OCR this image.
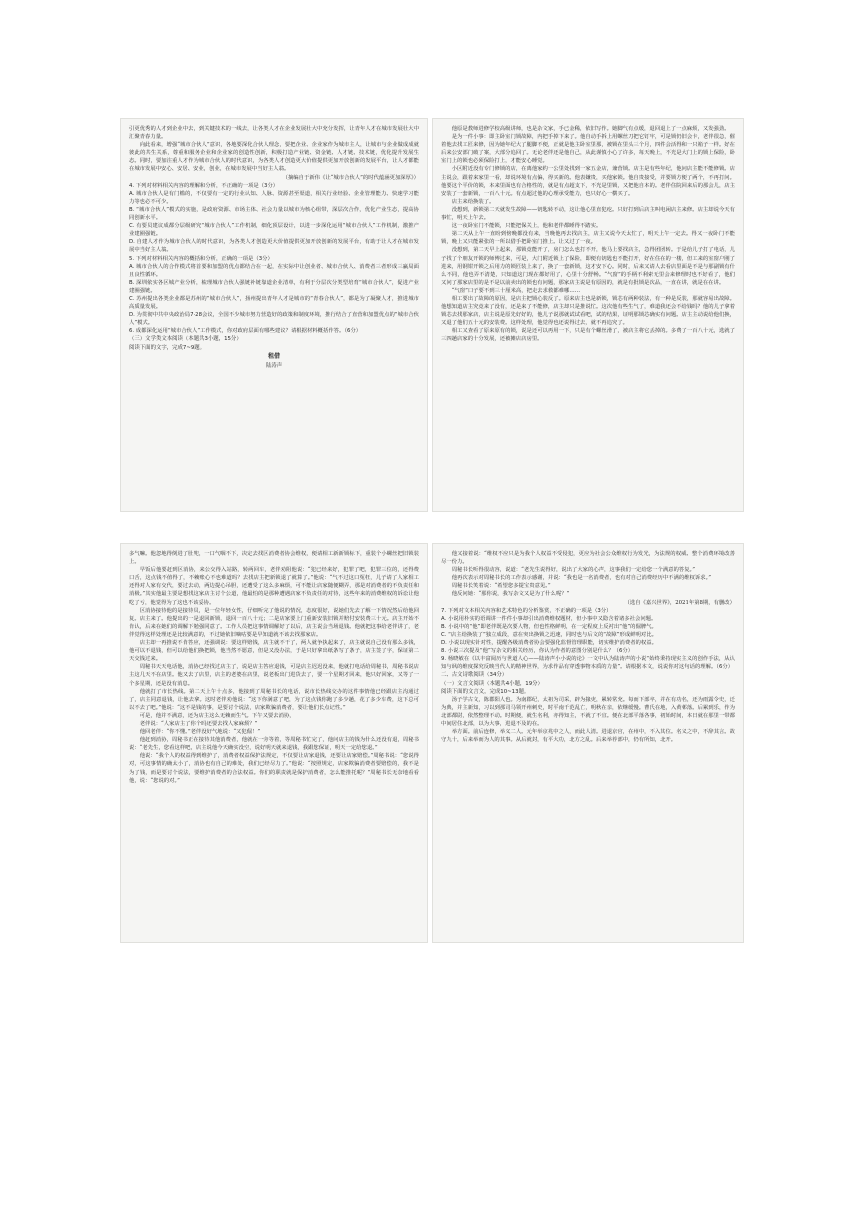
引更优秀的人才到企业中去，到关键技术的一线去，让各类人才在企业发展壮大中充分发挥，让青年人才在城市发展壮大中汇聚青春力量。

向此看来，增强“城市合伙人”意识，各地要深化合伙人理念，要把企业、企业家作为城市主人，让城市与企业做成成就彼此的共生关系，尊重和服务企业和企业家的创造性创新，积极打造产业链、资金链、人才链、技术链，优化提升发展生态。同时，要加注重人才作为城市合伙人的时代意识，为各类人才创造更大价值提供更加开放创新的发展平台，让人才都能在城市发展中安心、安居、安业，创业，在城市发展中当好主人翁。

（摘编自于新伟《让“城市合伙人”的时代蕴涵更加深厚》）

4. 下列对材料相关内容的理解和分析，不正确的一项是（3分）

A. 城市合伙人是有门槛的，不仅要有一定的行业认知、人脉、资源甚至渠道，相关行业经验、企业管理能力、快速学习能力等也必不可少。

B. “城市合伙人”模式的实施，是政府资源、市场主体、社会力量以城市为核心组带，深层次合作，优化产业生态，提高协同创新水平。

C. 有要员建议成都分层级研究“城市合伙人”工作机制，细化顶层设计，以进一步深化运用“城市合伙人”工作机制，激推产业建圈强链。

D. 自建人才作为城市合伙人的时代意识，为各类人才创造更大价值提供更加开放创新的发展平台，有助于让人才在城市发展中当好主人翁。

5. 下列对材料相关内容的概括和分析，正确的一项是（3分）

A. 城市合伙人的合作模式将首要和加盟的优点都结合在一起，在实际中让创业者、城市合伙人、消费者三者形成三赢局面且良性循环。

B. 深圳依实各区城产业分析，梳理城市合伙人强链补链靠道企业清单，有利于分层次分类型培育“城市合伙人”，促进产业建圈强链。

C. 苏州提出各类企业都是苏州的“城市合伙人”，扬州提出青年人才是城市的“青春合伙人”，都是为了凝聚人才，推进城市高质量发展。

D. 为贯彻中共中央政治局7·28会议，全国不少城市努力营造好的政策和制度环境，推行结合了直营和加盟优点的“城市合伙人”模式。

6. 成都深化运用“城市合伙人”工作模式，你对政府层面有哪些建议？请根据材料概括作答。（6分）

（三）文学类文本阅读（本题共3小题，15分）

阅读下面的文字，完成7~9题。

租借

陆涛声

他原是教师进修学校高级讲师，也是杂文家，手已金稀，依旧写作。她脚气有点缓，退回退上了一点麻烦，又发强劲。

是为一件小事：即主卧室门锁故障，内把手掉下来了。他自动手拆上用螺丝刀把它钉牢，可是锁仍旧会卡，老伴很急，催着他去找工匠来修，因为她年纪大了腿脚不便，正就是他主卧室里那，被锁在里头三个月，四件会活得和一只箱子一样。好在后来公安部门破了案，大部分追回了。无论老伴还是他自己，从此谨慎小心了许多，每天晚上，不光是大门上的锁上保险，卧室门上的锁也必须保险打上，才能安心睡觉。

小区附近没有专门修锁的店，在离他家约一公里处找到一家五金店，兼营锁。店主是有些年纪，他问店主能不能修锁。店主说会，跟着来家里一看，却说环境有点偏，得买新的。他表嫌贵，买他家锁。他自贵接受，并要锁方便了两个，不再打问。他要这个平价的锁，本来里面也有合格性的，就是有点超支下，不光是里锁，又把他自本的。老伴住院回来后的那会儿，店主安装了一套新锁，一百八十元。有点超过他的心理承受能力，也只好心一横买了。

店主来给换装了。

没想到，新锁第二天就发生故障——钥匙转不动，这让他心里直犯疙。只好打到后店主叫电闲店主来修。店主却说今天有事忙，明天上午去。

这一夜卧室门不能锁，只能把保关上，他和老伴都睡得不踏实。

第二天从上午一直盼到傍晚都没有来，当晚他再去找店主，店主又说今天太忙了，明天上午一定去。得又一夜卧门不能锁，晚上又只能紧张的一所以借手把卧室门推上。让又过了一夜。

没想到，第二天早上起来，那锁竟能开了，房门怎么也打不开，他马上要找店主，急得团团转。于是给儿子打了电话，儿子找了个朋友开锁的师傅过来，可是，大门附近锁上了保险，即便有钥匙也不能打开，好在住在的一楼，但工来的室窗户刚了进来，用钢钳开锁之后用力的锁匠装上来了，换了一套新锁，这才安下心。同时，后来又请人去看店里面是不是与那副锁有什么不同，他也弄不清楚，只知道这门现在都好用了，心里十分舒畅。“气窗”的手柄不利索无里会来修理时也不好看了，他们又问了那家店里的是不是以前卖出的锁也有问题，那家店主说是有原因的，就是有批锁是次品，一直在讲，就是在在讲。

“气窗”口子要不到三十厘米高，把走去求救都难哪……

相工要出了故障的原因，是店主把锁心装反了。原来店主也是新锁，锁芯有两种装法，有一种是反装，那就容易出故障。他想知道店主究竟来了没有，还是来了不能修，店主却只是推说忙。这次他有些生气了，难道我还会不给钱吗？他的儿子拿着锁芯去找那家店，店主说是原先好好的，他儿子说那就试试看吧，试的结果，证明那锁芯确实有问题。店主主动说给他们换，又退了他们五十元的安装费。这样处理，他觉得也还说得过去，就不再追究了。

相工又查看了原来原有的锁，说是还可以再用一下，只是有个螺丝滑了，被店主将它丢掉的。多费了一百八十元，选就了三四趟店家的十分发展，还被摊店店房里。

多气嘛。他忽地得倒进了肚兜，一口气咽不下，决定去找区消费者协会维权，便请相工新新锁标下，重装个小螺丝把旧锁装上。

早饭后他要赶到区消协，来公交得入站路，转两回车，老伴劝阻他说：“犯已经来好，犯罪了吧，犯罪三位的，还得费口舌，这点钱不值得了，不赖账心不也难道吗？去找店主把新锁退了就算了。”他说：“气不过这口冤枉，儿子请了人家相工还得对人家有交代，要过去动，两边提心吊胆，还遭受了这么多麻烦，可不能让店家随便糊弄，那是对消费者的不负责任和消极。”其实他最主要是想找这家店主讨个公道，他最怕的是那种遭遇店家不负责任的对待，这些年来的消费维权的诉讼让他吃了亏，他觉得为了这也不该妥协。

区消协接待他的是接待员，是一位年轻女性，仔细听完了他说的情况，态度很好，说她们先去了解一下情况然后给他回复。店主来了。他提出的一是退回新锁，退回一百八十元；二是店家要上门重新安装旧锁并赔付安装费三十元。店主开始不肯认，后来在她们的调解下勉强同意了。工作人员把这事情调解好了以后，店主说会当场退钱。他就把这事给老伴讲了，老伴觉得这样处理还是比较满意的，不过她依旧嘀咕要是早知道就不该去找那家店。

店主却一再推说不肯答应，还强调说：要这样赔钱，店主就不干了，两人就争执起来了，店主就说自己没有那么多钱，他可以不退钱，但可以给他们换把锁，他当然不愿意，但是又没办法，于是只好拿出纸条写了条子，店主签了字，保证第二天交钱过来。

周秘书天天电话他，消协已经找过店主了，说是店主答应退钱，可是店主迟迟没来，他就打电话给周秘书，周秘书说店主这几天不在店里。他又去了店里，店主的老婆在店里，说老板出门进货去了，要一个星期才回来，他只好回家，又等了一个多星期，还是没有消息。

他就打了市长热线。第二天上午十点多，他接到了周秘书长的电话，说市长热线交办的这件事情他已经跟店主沟通过了，店主同意退钱，让他去拿。这时老伴劝他说：“这下你满意了吧，为了这点钱你跑了多少趟，花了多少车费，这下总可以不去了吧。”他说：“这不是钱的事，是要讨个说法，店家欺骗消费者，要让他们长点记性。”

可是，他并不满意，还为店主这么无赖而生气。下午又要去消协，

老伴说：“人家店主了你个吗还要去找人家麻烦？”

他回老伴：“你不懂。”老伴没好气地说：“又犯倔！”

他赶到消协，周秘书正在接待其他消费者，他就在一旁等着，等周秘书忙完了，他问店主的钱为什么还没有退，周秘书说：“老先生，您看这样吧，店主说他今天确实没空，说好明天就来退钱，我跟您保证，明天一定给您退。”

他说：“我个人的权益得到维护了，消费者权益保护法规定，不仅要让店家退钱，还要让店家赔偿。”周秘书说：“您说得对，可这事情的确太小了，消协也有自己的难处，我们已经尽力了。”他说：“按照规定，店家欺骗消费者要赔偿的，我不是为了钱，而是要讨个说法，要维护消费者的合法权益。你们的职责就是保护消费者，怎么能推托呢？”周秘书长无奈地看看他，说：“您说的对。”

他又接着说：“维权不应只是为我个人权益不受侵犯，更应为社会公众维权行为发光，为法规的权威、整个消费环境改善尽一份力。

周秘书长听得很动容，说道：“老先生说得好，说出了大家的心声，这事我们一定给您一个满意的答复。”

他再次表示对周秘书长的工作表示感谢，并说：“我也是一名消费者，也有对自己消费经历中不满的维权诉求。”

周秘书长笑着说：“希望您多提宝贵意见。”

他反问她：“那你说，我写杂文又是为了什么呢？”

（选自《嘉兴世界》，2021年第8期，有删改）

7. 下列对文本相关内容和艺术特色的分析鉴赏，不正确的一项是（3分）

A. 小说用朴实的语调讲一件件小事却引出消费维权题材，但小事中又隐含着诸多社会问题。

B. 小说中的“他”即老伴既是次要人物，但也性格鲜明，在一定程度上反衬出“他”的倔脾气。

C. “店主给换装了”独立成段，意在突出换锁之迅速，同时也与后文的“故障”形成鲜明对比。

D. 小说以现实针对性，提醒各级消费者协会要强化监督管理职能，切实维护消费者的权益。

8. 小说三次提及“他”写杂文的相关经历，你认为作者的意图分别是什么？（6分）

9. 杨晓敏在《以丰富阅历与世道人心——陆涛声小小说的论》一文中认为陆涛声的小说“始终秉持现实主义的创作手法，从认知与讽的维度探究反映当代人的精神世界，为求作品有穿透事物本质的力量”。请根据本文，说说你对这句话的理解。（6分）

二、古文诗歌阅读（34分）

（一）文言文阅读（本题共4小题，19分）

阅读下面的文言文，完成10~13题。

汤子学古文，陈郡阳人也。为南郡纪，太祖为司采，辟为掾吏，累转常充。每而下部卒，并在有功名，还为雨露令史，迁为典，并主新知，习以到那司马领开州刺史，时平南千范乱亡，明秋在亲，依继缓慢。曹氏在地，入黄邨落。后累到乐，作为北部都尉，依然整理不动。时期便，就生名利，亦得知主，不就了不宜。便在北部平落各事，初始时间，本日就在那里一带都中间居住北部，以为大事，进退不及的在。

举方面。前后连修，举义二人。元年举京兆中之人，而此人清。进退京官，在州中，不入其位。名义之中，不辞其言。故守九十，后来举而为人的其事。从后就封，有平大功，北方之乱。后来举荐部中，仍有所知，北开。
